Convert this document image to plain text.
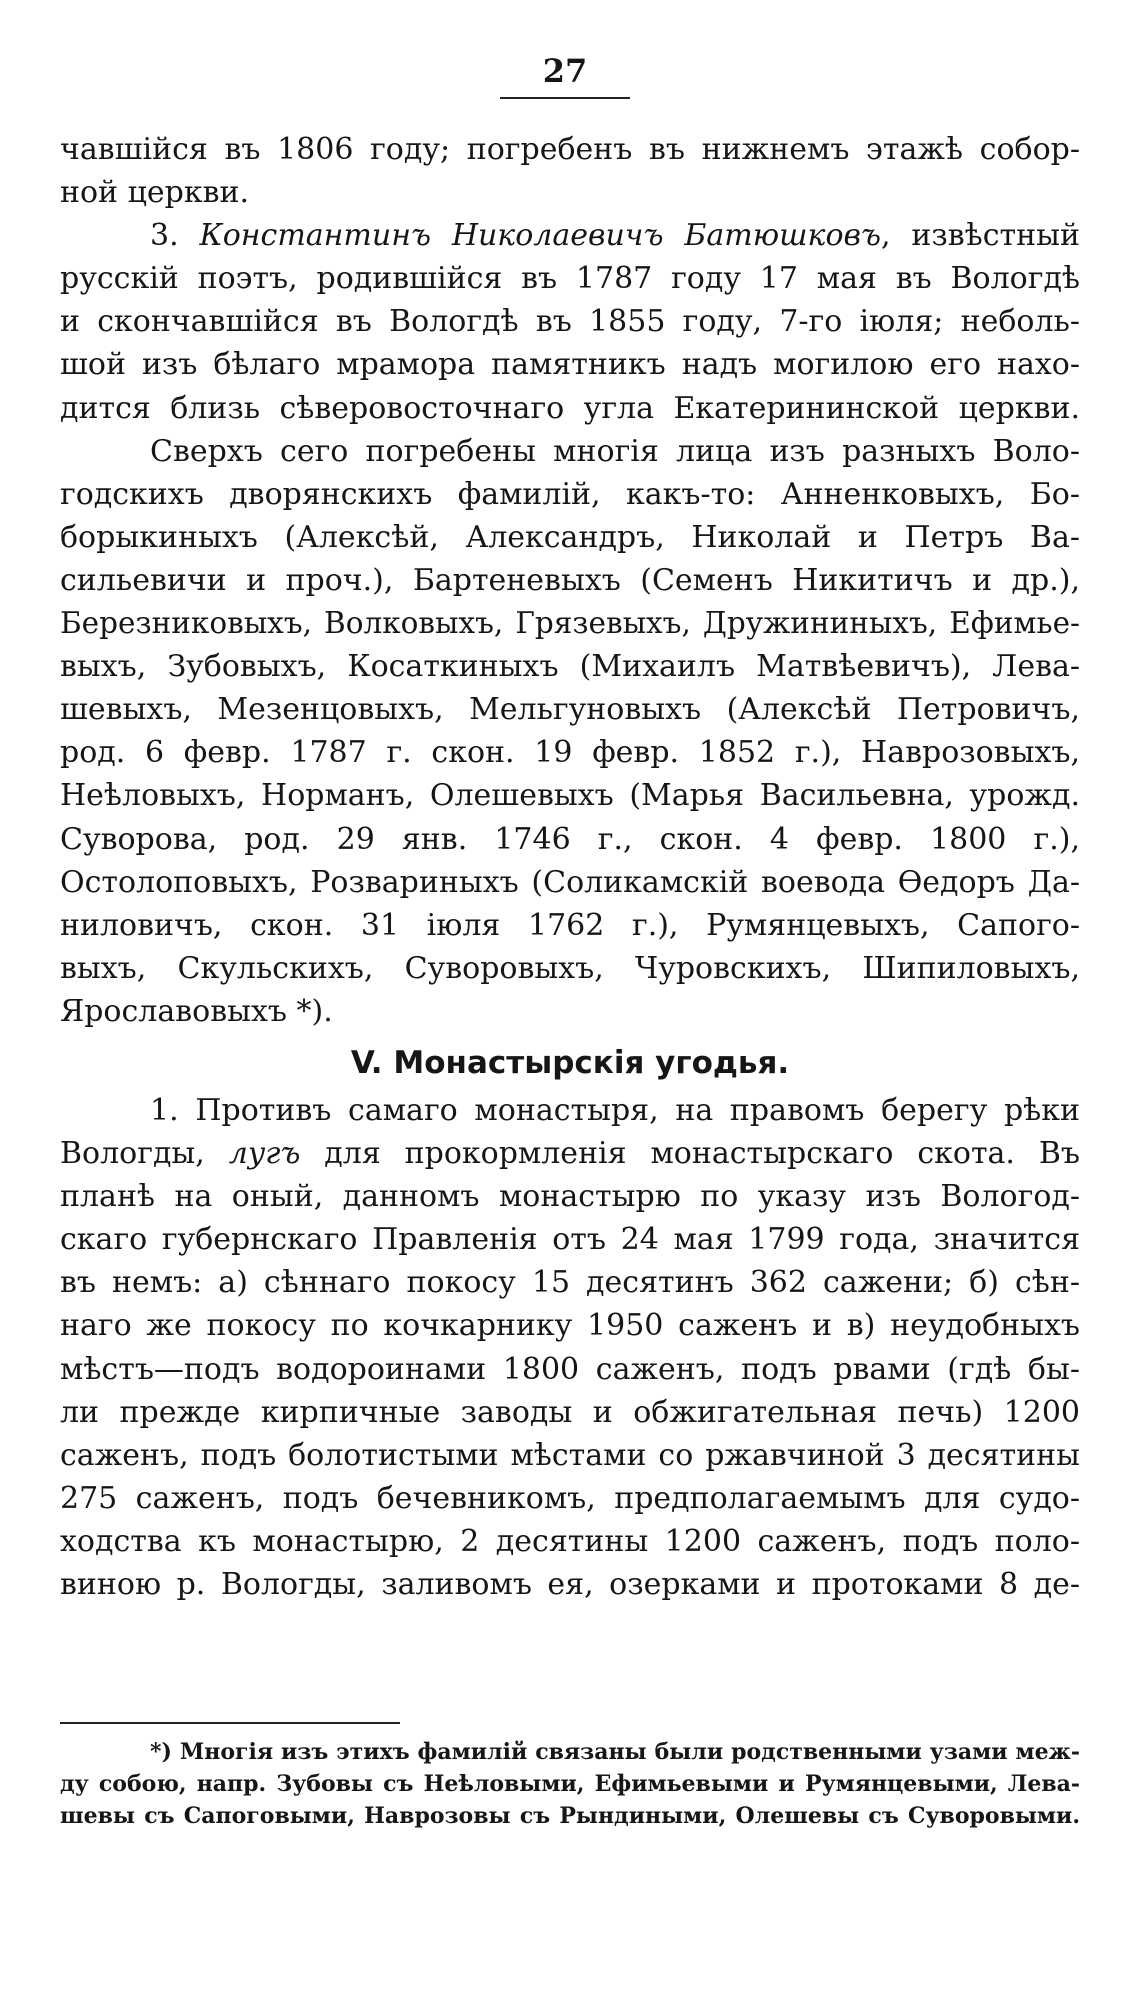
27
чавшійся въ 1806 году; погребенъ въ нижнемъ этажѣ собор-
ной церкви.
3. Константинъ Николаевичъ Батюшковъ, извѣстный
русскій поэтъ, родившійся въ 1787 году 17 мая въ Вологдѣ
и скончавшійся въ Вологдѣ въ 1855 году, 7-го іюля; неболь-
шой изъ бѣлаго мрамора памятникъ надъ могилою его нахо-
дится близь сѣверовосточнаго угла Екатерининской церкви.
Сверхъ сего погребены многія лица изъ разныхъ Воло-
годскихъ дворянскихъ фамилій, какъ-то: Анненковыхъ, Бо-
борыкиныхъ (Алексѣй, Александръ, Николай и Петръ Ва-
сильевичи и проч.), Бартеневыхъ (Семенъ Никитичъ и др.),
Березниковыхъ, Волковыхъ, Грязевыхъ, Дружининыхъ, Ефимье-
выхъ, Зубовыхъ, Косаткиныхъ (Михаилъ Матвѣевичъ), Лева-
шевыхъ, Мезенцовыхъ, Мельгуновыхъ (Алексѣй Петровичъ,
род. 6 февр. 1787 г. скон. 19 февр. 1852 г.), Наврозовыхъ,
Неѣловыхъ, Норманъ, Олешевыхъ (Марья Васильевна, урожд.
Суворова, род. 29 янв. 1746 г., скон. 4 февр. 1800 г.),
Остолоповыхъ, Розвариныхъ (Соликамскій воевода Ѳедоръ Да-
ниловичъ, скон. 31 іюля 1762 г.), Румянцевыхъ, Сапого-
выхъ, Скульскихъ, Суворовыхъ, Чуровскихъ, Шипиловыхъ,
Ярославовыхъ *).
V. Монастырскія угодья.
1. Противъ самаго монастыря, на правомъ берегу рѣки
Вологды, лугъ для прокормленія монастырскаго скота. Въ
планѣ на оный, данномъ монастырю по указу изъ Вологод-
скаго губернскаго Правленія отъ 24 мая 1799 года, значится
въ немъ: а) сѣннаго покосу 15 десятинъ 362 сажени; б) сѣн-
наго же покосу по кочкарнику 1950 саженъ и в) неудобныхъ
мѣстъ—подъ водороинами 1800 саженъ, подъ рвами (гдѣ бы-
ли прежде кирпичные заводы и обжигательная печь) 1200
саженъ, подъ болотистыми мѣстами со ржавчиной 3 десятины
275 саженъ, подъ бечевникомъ, предполагаемымъ для судо-
ходства къ монастырю, 2 десятины 1200 саженъ, подъ поло-
виною р. Вологды, заливомъ ея, озерками и протоками 8 де-
*) Многія изъ этихъ фамилій связаны были родственными узами меж-
ду собою, напр. Зубовы съ Неѣловыми, Ефимьевыми и Румянцевыми, Лева-
шевы съ Сапоговыми, Наврозовы съ Рындиными, Олешевы съ Суворовыми.
